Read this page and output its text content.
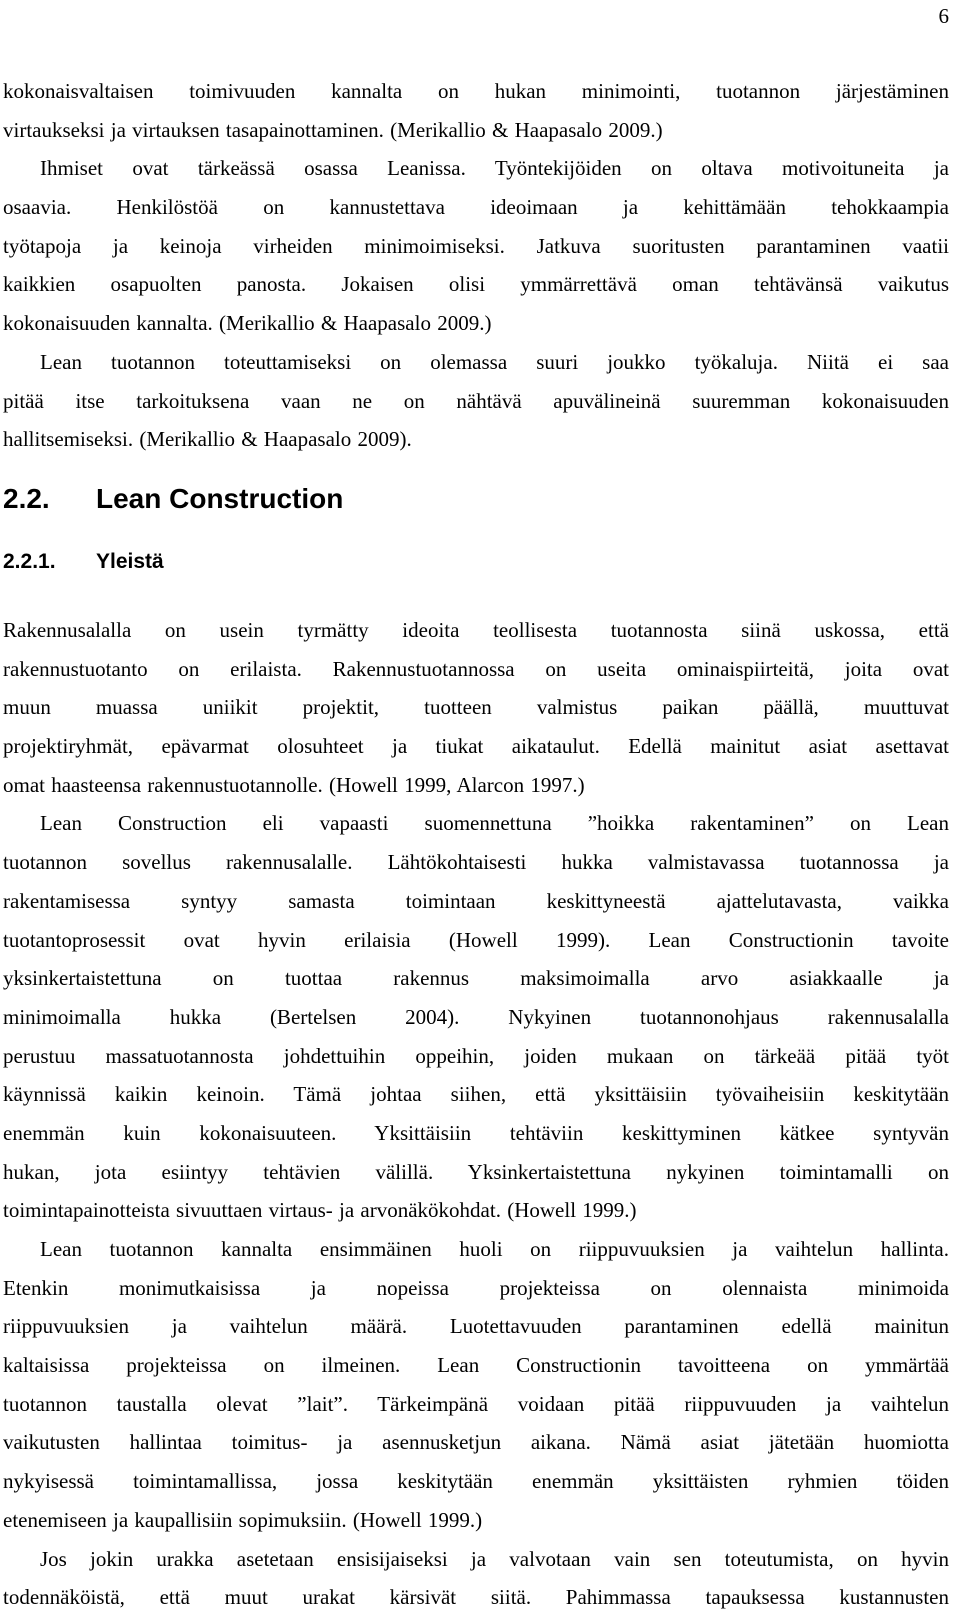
6
kokonaisvaltaisen toimivuuden kannalta on hukan minimointi, tuotannon järjestäminen
virtaukseksi ja virtauksen tasapainottaminen. (Merikallio & Haapasalo 2009.)
Ihmiset ovat tärkeässä osassa Leanissa. Työntekijöiden on oltava motivoituneita ja
osaavia. Henkilöstöä on kannustettava ideoimaan ja kehittämään tehokkaampia
työtapoja ja keinoja virheiden minimoimiseksi. Jatkuva suoritusten parantaminen vaatii
kaikkien osapuolten panosta. Jokaisen olisi ymmärrettävä oman tehtävänsä vaikutus
kokonaisuuden kannalta. (Merikallio & Haapasalo 2009.)
Lean tuotannon toteuttamiseksi on olemassa suuri joukko työkaluja. Niitä ei saa
pitää itse tarkoituksena vaan ne on nähtävä apuvälineinä suuremman kokonaisuuden
hallitsemiseksi. (Merikallio & Haapasalo 2009).
2.2. Lean Construction
2.2.1. Yleistä
Rakennusalalla on usein tyrmätty ideoita teollisesta tuotannosta siinä uskossa, että
rakennustuotanto on erilaista. Rakennustuotannossa on useita ominaispiirteitä, joita ovat
muun muassa uniikit projektit, tuotteen valmistus paikan päällä, muuttuvat
projektiryhmät, epävarmat olosuhteet ja tiukat aikataulut. Edellä mainitut asiat asettavat
omat haasteensa rakennustuotannolle. (Howell 1999, Alarcon 1997.)
Lean Construction eli vapaasti suomennettuna ”hoikka rakentaminen” on Lean
tuotannon sovellus rakennusalalle. Lähtökohtaisesti hukka valmistavassa tuotannossa ja
rakentamisessa syntyy samasta toimintaan keskittyneestä ajattelutavasta, vaikka
tuotantoprosessit ovat hyvin erilaisia (Howell 1999). Lean Constructionin tavoite
yksinkertaistettuna on tuottaa rakennus maksimoimalla arvo asiakkaalle ja
minimoimalla hukka (Bertelsen 2004). Nykyinen tuotannonohjaus rakennusalalla
perustuu massatuotannosta johdettuihin oppeihin, joiden mukaan on tärkeää pitää työt
käynnissä kaikin keinoin. Tämä johtaa siihen, että yksittäisiin työvaiheisiin keskitytään
enemmän kuin kokonaisuuteen. Yksittäisiin tehtäviin keskittyminen kätkee syntyvän
hukan, jota esiintyy tehtävien välillä. Yksinkertaistettuna nykyinen toimintamalli on
toimintapainotteista sivuuttaen virtaus- ja arvonäkökohdat. (Howell 1999.)
Lean tuotannon kannalta ensimmäinen huoli on riippuvuuksien ja vaihtelun hallinta.
Etenkin monimutkaisissa ja nopeissa projekteissa on olennaista minimoida
riippuvuuksien ja vaihtelun määrä. Luotettavuuden parantaminen edellä mainitun
kaltaisissa projekteissa on ilmeinen. Lean Constructionin tavoitteena on ymmärtää
tuotannon taustalla olevat ”lait”. Tärkeimpänä voidaan pitää riippuvuuden ja vaihtelun
vaikutusten hallintaa toimitus- ja asennusketjun aikana. Nämä asiat jätetään huomiotta
nykyisessä toimintamallissa, jossa keskitytään enemmän yksittäisten ryhmien töiden
etenemiseen ja kaupallisiin sopimuksiin. (Howell 1999.)
Jos jokin urakka asetetaan ensisijaiseksi ja valvotaan vain sen toteutumista, on hyvin
todennäköistä, että muut urakat kärsivät siitä. Pahimmassa tapauksessa kustannusten
